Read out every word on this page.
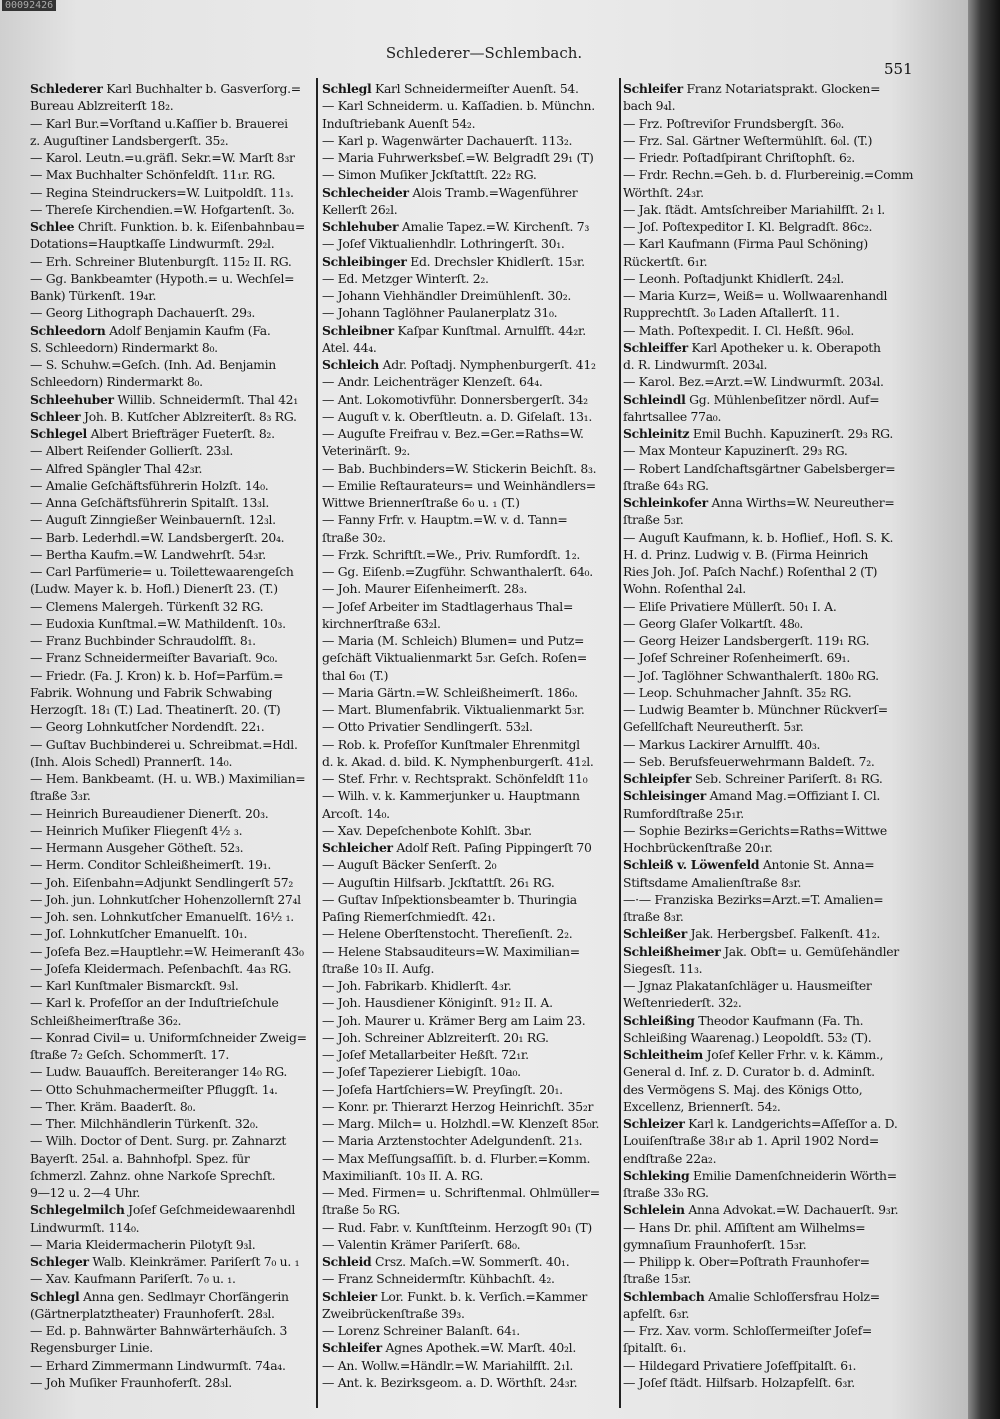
00092426
Schlederer—Schlembach.
551
Schlederer Karl Buchhalter b. Gasverſorg.=
Bureau Ablzreiterſt 18₂.
— Karl Bur.=Vorſtand u.Kaſſier b. Brauerei
z. Auguſtiner Landsbergerſt. 35₂.
— Karol. Leutn.=u.gräfl. Sekr.=W. Marſt 8₃r
— Max Buchhalter Schönfeldſt. 11₁r. RG.
— Regina Steindruckers=W. Luitpoldſt. 11₃.
— Thereſe Kirchendien.=W. Hofgartenſt. 3₀.
Schlee Chriſt. Funktion. b. k. Eiſenbahnbau=
Dotations=Hauptkaſſe Lindwurmſt. 29₂l.
— Erh. Schreiner Blutenburgſt. 115₂ II. RG.
— Gg. Bankbeamter (Hypoth.= u. Wechſel=
Bank) Türkenſt. 19₄r.
— Georg Lithograph Dachauerſt. 29₃.
Schleedorn Adolf Benjamin Kaufm (Fa.
S. Schleedorn) Rindermarkt 8₀.
— S. Schuhw.=Geſch. (Inh. Ad. Benjamin
Schleedorn) Rindermarkt 8₀.
Schleehuber Willib. Schneidermſt. Thal 42₁
Schleer Joh. B. Kutſcher Ablzreiterſt. 8₃ RG.
Schlegel Albert Briefträger Fueterſt. 8₂.
— Albert Reiſender Gollierſt. 23₃l.
— Alfred Spängler Thal 42₃r.
— Amalie Geſchäftsführerin Holzſt. 14₀.
— Anna Geſchäftsführerin Spitalſt. 13₃l.
— Auguſt Zinngießer Weinbauernſt. 12₃l.
— Barb. Lederhdl.=W. Landsbergerſt. 20₄.
— Bertha Kaufm.=W. Landwehrſt. 54₃r.
— Carl Parfümerie= u. Toilettewaarengeſch
(Ludw. Mayer k. b. Hofl.) Dienerſt 23. (T.)
— Clemens Malergeh. Türkenſt 32 RG.
— Eudoxia Kunſtmal.=W. Mathildenſt. 10₃.
— Franz Buchbinder Schraudolfſt. 8₁.
— Franz Schneidermeiſter Bavariaſt. 9c₀.
— Friedr. (Fa. J. Kron) k. b. Hof=Parfüm.=
Fabrik. Wohnung und Fabrik Schwabing
Herzogſt. 18₁ (T.) Lad. Theatinerſt. 20. (T)
— Georg Lohnkutſcher Nordendſt. 22₁.
— Guſtav Buchbinderei u. Schreibmat.=Hdl.
(Inh. Alois Schedl) Prannerſt. 14₀.
— Hem. Bankbeamt. (H. u. WB.) Maximilian=
ſtraße 3₃r.
— Heinrich Bureaudiener Dienerſt. 20₃.
— Heinrich Muſiker Fliegenſt 4½ ₃.
— Hermann Ausgeher Götheſt. 52₃.
— Herm. Conditor Schleißheimerſt. 19₁.
— Joh. Eiſenbahn=Adjunkt Sendlingerſt 57₂
— Joh. jun. Lohnkutſcher Hohenzollernſt 27₄l
— Joh. sen. Lohnkutſcher Emanuelſt. 16½ ₁.
— Joſ. Lohnkutſcher Emanuelſt. 10₁.
— Joſefa Bez.=Hauptlehr.=W. Heimeranſt 43₀
— Joſefa Kleidermach. Peſenbachſt. 4a₃ RG.
— Karl Kunſtmaler Bismarckſt. 9₃l.
— Karl k. Profeſſor an der Induſtrieſchule
Schleißheimerſtraße 36₂.
— Konrad Civil= u. Uniformſchneider Zweig=
ſtraße 7₂ Geſch. Schommerſt. 17.
— Ludw. Bauaufſch. Bereiteranger 14₀ RG.
— Otto Schuhmachermeiſter Pfluggſt. 1₄.
— Ther. Kräm. Baaderſt. 8₀.
— Ther. Milchhändlerin Türkenſt. 32₀.
— Wilh. Doctor of Dent. Surg. pr. Zahnarzt
Bayerſt. 25₄l. a. Bahnhofpl. Spez. für
ſchmerzl. Zahnz. ohne Narkoſe Sprechſt.
9—12 u. 2—4 Uhr.
Schlegelmilch Joſef Geſchmeidewaarenhdl
Lindwurmſt. 114₀.
— Maria Kleidermacherin Pilotyſt 9₃l.
Schleger Walb. Kleinkrämer. Pariſerſt 7₀ u. ₁
— Xav. Kaufmann Pariſerſt. 7₀ u. ₁.
Schlegl Anna gen. Sedlmayr Chorſängerin
(Gärtnerplatztheater) Fraunhoferſt. 28₃l.
— Ed. p. Bahnwärter Bahnwärterhäuſch. 3
Regensburger Linie.
— Erhard Zimmermann Lindwurmſt. 74a₄.
— Joh Muſiker Fraunhoferſt. 28₃l.
Schlegl Karl Schneidermeiſter Auenſt. 54.
— Karl Schneiderm. u. Kaſſadien. b. Münchn.
Induſtriebank Auenſt 54₂.
— Karl p. Wagenwärter Dachauerſt. 113₂.
— Maria Fuhrwerksbeſ.=W. Belgradſt 29₁ (T)
— Simon Muſiker Jckſtattſt. 22₂ RG.
Schlecheider Alois Tramb.=Wagenführer
Kellerſt 26₂l.
Schlehuber Amalie Tapez.=W. Kirchenſt. 7₃
— Joſef Viktualienhdlr. Lothringerſt. 30₁.
Schleibinger Ed. Drechsler Khidlerſt. 15₃r.
— Ed. Metzger Winterſt. 2₂.
— Johann Viehhändler Dreimühlenſt. 30₂.
— Johann Taglöhner Paulanerplatz 31₀.
Schleibner Kaſpar Kunſtmal. Arnulfſt. 44₂r.
Atel. 44₄.
Schleich Adr. Poſtadj. Nymphenburgerſt. 41₂
— Andr. Leichenträger Klenzeſt. 64₄.
— Ant. Lokomotivführ. Donnersbergerſt. 34₂
— Auguſt v. k. Oberſtleutn. a. D. Giſelaſt. 13₁.
— Auguſte Freifrau v. Bez.=Ger.=Raths=W.
Veterinärſt. 9₂.
— Bab. Buchbinders=W. Stickerin Beichſt. 8₃.
— Emilie Reſtaurateurs= und Weinhändlers=
Wittwe Briennerſtraße 6₀ u. ₁ (T.)
— Fanny Frfr. v. Hauptm.=W. v. d. Tann=
ſtraße 30₂.
— Frzk. Schriftſt.=We., Priv. Rumfordſt. 1₂.
— Gg. Eiſenb.=Zugführ. Schwanthalerſt. 64₀.
— Joh. Maurer Eiſenheimerſt. 28₃.
— Joſef Arbeiter im Stadtlagerhaus Thal=
kirchnerſtraße 63₂l.
— Maria (M. Schleich) Blumen= und Putz=
geſchäft Viktualienmarkt 5₃r. Geſch. Roſen=
thal 6₀₁ (T.)
— Maria Gärtn.=W. Schleißheimerſt. 186₀.
— Mart. Blumenfabrik. Viktualienmarkt 5₃r.
— Otto Privatier Sendlingerſt. 53₂l.
— Rob. k. Profeſſor Kunſtmaler Ehrenmitgl
d. k. Akad. d. bild. K. Nymphenburgerſt. 41₂l.
— Stef. Frhr. v. Rechtsprakt. Schönfeldſt 11₀
— Wilh. v. k. Kammerjunker u. Hauptmann
Arcoſt. 14₀.
— Xav. Depeſchenbote Kohlſt. 3b₄r.
Schleicher Adolf Reſt. Paſing Pippingerſt 70
— Auguſt Bäcker Senſerſt. 2₀
— Auguſtin Hilfsarb. Jckſtattſt. 26₁ RG.
— Guſtav Inſpektionsbeamter b. Thuringia
Paſing Riemerſchmiedſt. 42₁.
— Helene Oberſtenstocht. Thereſienſt. 2₂.
— Helene Stabsauditeurs=W. Maximilian=
ſtraße 10₃ II. Aufg.
— Joh. Fabrikarb. Khidlerſt. 4₃r.
— Joh. Hausdiener Königinſt. 91₂ II. A.
— Joh. Maurer u. Krämer Berg am Laim 23.
— Joh. Schreiner Ablzreiterſt. 20₁ RG.
— Joſef Metallarbeiter Heßſt. 72₁r.
— Joſef Tapezierer Liebigſt. 10a₀.
— Joſefa Hartſchiers=W. Preyſingſt. 20₁.
— Konr. pr. Thierarzt Herzog Heinrichſt. 35₂r
— Marg. Milch= u. Holzhdl.=W. Klenzeſt 85₀r.
— Maria Arztenstochter Adelgundenſt. 21₃.
— Max Meſſungsaſſiſt. b. d. Flurber.=Komm.
Maximilianſt. 10₃ II. A. RG.
— Med. Firmen= u. Schriftenmal. Ohlmüller=
ſtraße 5₀ RG.
— Rud. Fabr. v. Kunſtſteinm. Herzogſt 90₁ (T)
— Valentin Krämer Pariſerſt. 68₀.
Schleid Crsz. Maſch.=W. Sommerſt. 40₁.
— Franz Schneidermſtr. Kühbachſt. 4₂.
Schleier Lor. Funkt. b. k. Verſich.=Kammer
Zweibrückenſtraße 39₃.
— Lorenz Schreiner Balanſt. 64₁.
Schleifer Agnes Apothek.=W. Marſt. 40₂l.
— An. Wollw.=Händlr.=W. Mariahilfſt. 2₁l.
— Ant. k. Bezirksgeom. a. D. Wörthſt. 24₃r.
Schleifer Franz Notariatsprakt. Glocken=
bach 9₄l.
— Frz. Poſtreviſor Frundsbergſt. 36₀.
— Frz. Sal. Gärtner Weſtermühlſt. 6₀l. (T.)
— Friedr. Poſtadſpirant Chriſtophſt. 6₂.
— Frdr. Rechn.=Geh. b. d. Flurbereinig.=Comm
Wörthſt. 24₃r.
— Jak. ſtädt. Amtsſchreiber Mariahilfſt. 2₁ l.
— Joſ. Poſtexpeditor I. Kl. Belgradſt. 86c₂.
— Karl Kaufmann (Firma Paul Schöning)
Rückertſt. 6₁r.
— Leonh. Poſtadjunkt Khidlerſt. 24₂l.
— Maria Kurz=, Weiß= u. Wollwaarenhandl
Rupprechtſt. 3₀ Laden Aſtallerſt. 11.
— Math. Poſtexpedit. I. Cl. Heßſt. 96₀l.
Schleiffer Karl Apotheker u. k. Oberapoth
d. R. Lindwurmſt. 203₄l.
— Karol. Bez.=Arzt.=W. Lindwurmſt. 203₄l.
Schleindl Gg. Mühlenbeſitzer nördl. Auf=
fahrtsallee 77a₀.
Schleinitz Emil Buchh. Kapuzinerſt. 29₃ RG.
— Max Monteur Kapuzinerſt. 29₃ RG.
— Robert Landſchaftsgärtner Gabelsberger=
ſtraße 64₃ RG.
Schleinkofer Anna Wirths=W. Neureuther=
ſtraße 5₃r.
— Auguſt Kaufmann, k. b. Hoflief., Hofl. S. K.
H. d. Prinz. Ludwig v. B. (Firma Heinrich
Ries Joh. Joſ. Paſch Nachf.) Roſenthal 2 (T)
Wohn. Roſenthal 2₄l.
— Eliſe Privatiere Müllerſt. 50₁ I. A.
— Georg Glaſer Volkartſt. 48₀.
— Georg Heizer Landsbergerſt. 119₁ RG.
— Joſef Schreiner Roſenheimerſt. 69₁.
— Joſ. Taglöhner Schwanthalerſt. 180₀ RG.
— Leop. Schuhmacher Jahnſt. 35₂ RG.
— Ludwig Beamter b. Münchner Rückverſ=
Geſellſchaft Neureutherſt. 5₃r.
— Markus Lackirer Arnulfſt. 40₃.
— Seb. Berufsfeuerwehrmann Baldeſt. 7₂.
Schleipfer Seb. Schreiner Pariſerſt. 8₁ RG.
Schleisinger Amand Mag.=Offiziant I. Cl.
Rumfordſtraße 25₁r.
— Sophie Bezirks=Gerichts=Raths=Wittwe
Hochbrückenſtraße 20₁r.
Schleiß v. Löwenfeld Antonie St. Anna=
Stiftsdame Amalienſtraße 8₃r.
—·— Franziska Bezirks=Arzt.=T. Amalien=
ſtraße 8₃r.
Schleißer Jak. Herbergsbeſ. Falkenſt. 41₂.
Schleißheimer Jak. Obſt= u. Gemüſehändler
Siegesſt. 11₃.
— Jgnaz Plakatanſchläger u. Hausmeiſter
Weſtenriederſt. 32₂.
Schleißing Theodor Kaufmann (Fa. Th.
Schleißing Waarenag.) Leopoldſt. 53₂ (T).
Schleitheim Joſef Keller Frhr. v. k. Kämm.,
General d. Inf. z. D. Curator b. d. Adminſt.
des Vermögens S. Maj. des Königs Otto,
Excellenz, Briennerſt. 54₂.
Schleizer Karl k. Landgerichts=Aſſeſſor a. D.
Louiſenſtraße 38₁r ab 1. April 1902 Nord=
endſtraße 22a₂.
Schleking Emilie Damenſchneiderin Wörth=
ſtraße 33₀ RG.
Schlelein Anna Advokat.=W. Dachauerſt. 9₃r.
— Hans Dr. phil. Aſſiſtent am Wilhelms=
gymnaſium Fraunhoferſt. 15₃r.
— Philipp k. Ober=Poſtrath Fraunhofer=
ſtraße 15₃r.
Schlembach Amalie Schloſſersfrau Holz=
apfelſt. 6₃r.
— Frz. Xav. vorm. Schloſſermeiſter Joſef=
ſpitalſt. 6₁.
— Hildegard Privatiere Joſefſpitalſt. 6₁.
— Joſef ſtädt. Hilfsarb. Holzapfelſt. 6₃r.
